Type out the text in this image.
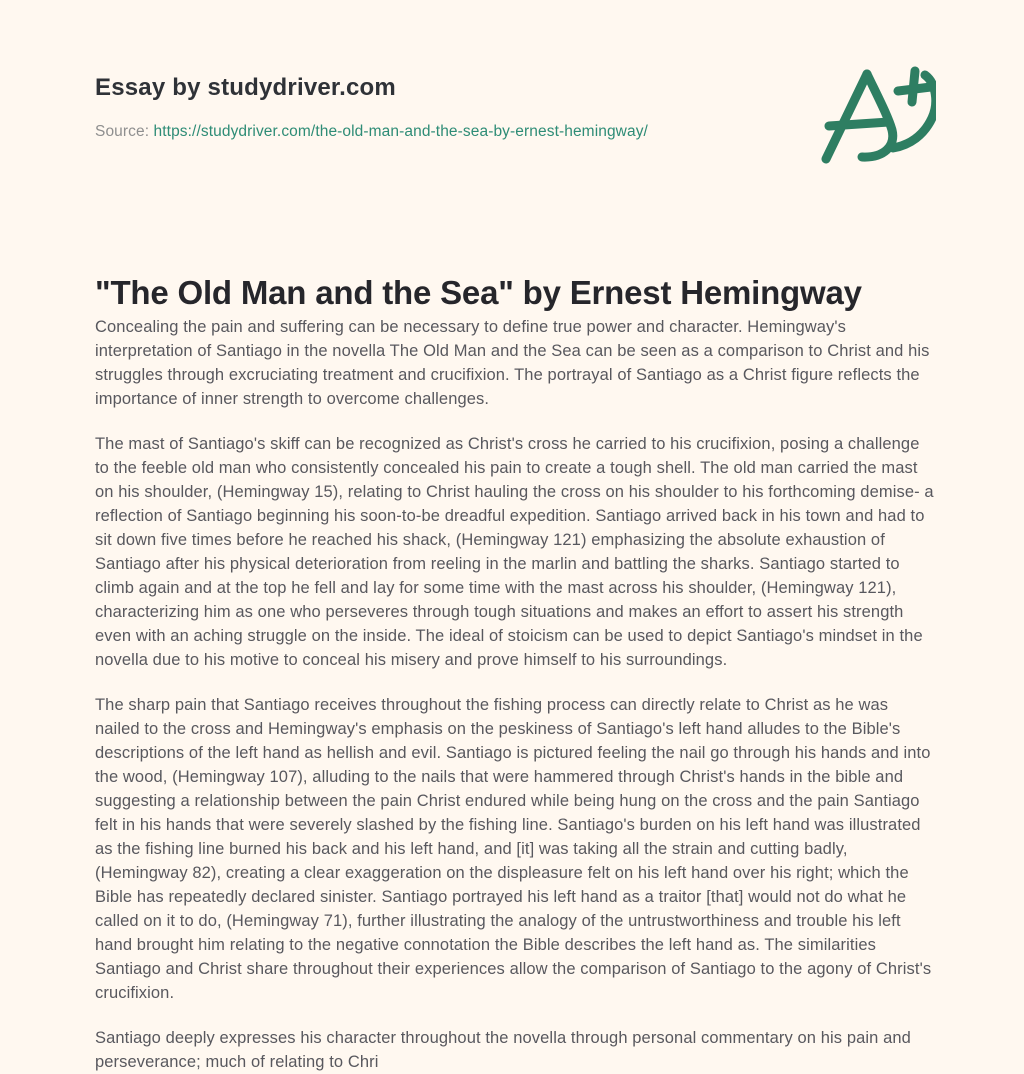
Essay by studydriver.com
Source: https://studydriver.com/the-old-man-and-the-sea-by-ernest-hemingway/
"The Old Man and the Sea" by Ernest Hemingway

Concealing the pain and suffering can be necessary to define true power and character. Hemingway's interpretation of Santiago in the novella The Old Man and the Sea can be seen as a comparison to Christ and his struggles through excruciating treatment and crucifixion. The portrayal of Santiago as a Christ figure reflects the importance of inner strength to overcome challenges.

The mast of Santiago's skiff can be recognized as Christ's cross he carried to his crucifixion, posing a challenge to the feeble old man who consistently concealed his pain to create a tough shell. The old man carried the mast on his shoulder, (Hemingway 15), relating to Christ hauling the cross on his shoulder to his forthcoming demise- a reflection of Santiago beginning his soon-to-be dreadful expedition. Santiago arrived back in his town and had to sit down five times before he reached his shack, (Hemingway 121) emphasizing the absolute exhaustion of Santiago after his physical deterioration from reeling in the marlin and battling the sharks. Santiago started to climb again and at the top he fell and lay for some time with the mast across his shoulder, (Hemingway 121), characterizing him as one who perseveres through tough situations and makes an effort to assert his strength even with an aching struggle on the inside. The ideal of stoicism can be used to depict Santiago's mindset in the novella due to his motive to conceal his misery and prove himself to his surroundings.

The sharp pain that Santiago receives throughout the fishing process can directly relate to Christ as he was nailed to the cross and Hemingway's emphasis on the peskiness of Santiago's left hand alludes to the Bible's descriptions of the left hand as hellish and evil. Santiago is pictured feeling the nail go through his hands and into the wood, (Hemingway 107), alluding to the nails that were hammered through Christ's hands in the bible and suggesting a relationship between the pain Christ endured while being hung on the cross and the pain Santiago felt in his hands that were severely slashed by the fishing line. Santiago's burden on his left hand was illustrated as the fishing line burned his back and his left hand, and [it] was taking all the strain and cutting badly, (Hemingway 82), creating a clear exaggeration on the displeasure felt on his left hand over his right; which the Bible has repeatedly declared sinister. Santiago portrayed his left hand as a traitor [that] would not do what he called on it to do, (Hemingway 71), further illustrating the analogy of the untrustworthiness and trouble his left hand brought him relating to the negative connotation the Bible describes the left hand as. The similarities Santiago and Christ share throughout their experiences allow the comparison of Santiago to the agony of Christ's crucifixion.

Santiago deeply expresses his character throughout the novella through personal commentary on his pain and perseverance; much of relating to Chri
